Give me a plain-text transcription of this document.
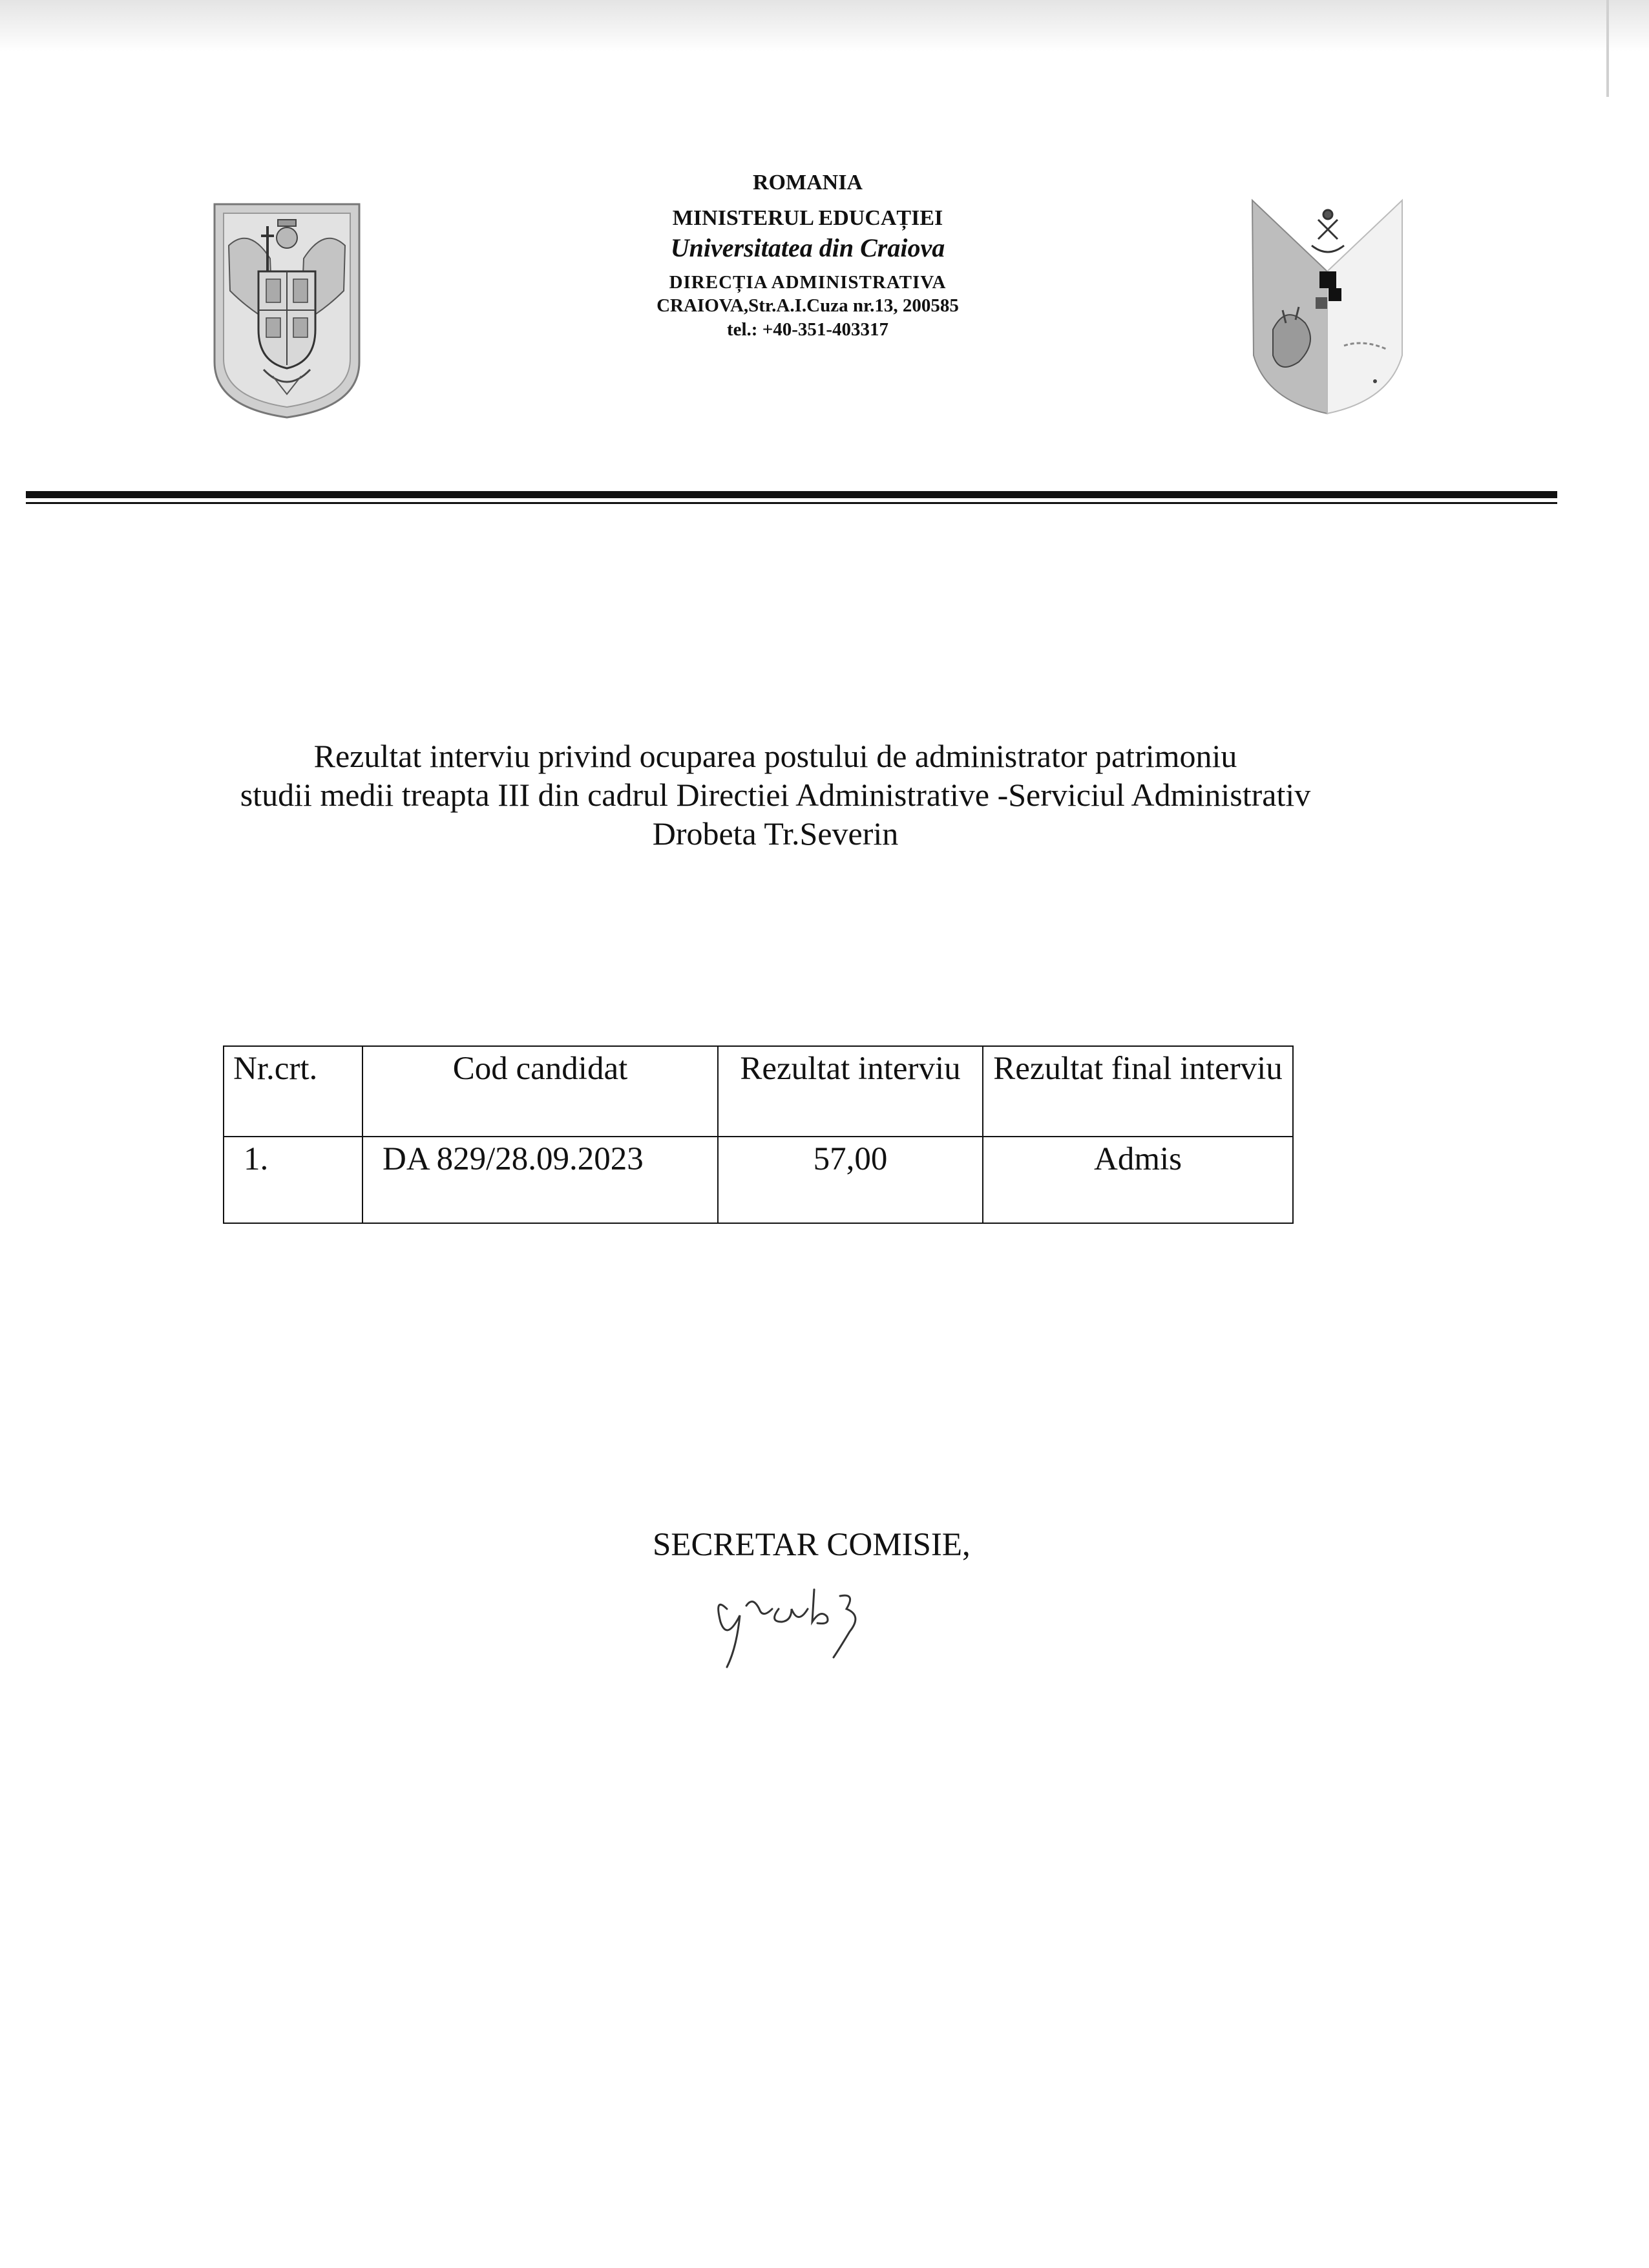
ROMANIA
MINISTERUL EDUCAȚIEI
Universitatea din Craiova
DIRECȚIA ADMINISTRATIVA
CRAIOVA,Str.A.I.Cuza nr.13, 200585
tel.: +40-351-403317
Rezultat interviu privind ocuparea postului de administrator patrimoniu
studii medii treapta III din cadrul Directiei Administrative -Serviciul Administrativ
Drobeta Tr.Severin
Nr.crt.	Cod candidat	Rezultat interviu	Rezultat final interviu
1.	DA 829/28.09.2023	57,00	Admis
SECRETAR COMISIE,
